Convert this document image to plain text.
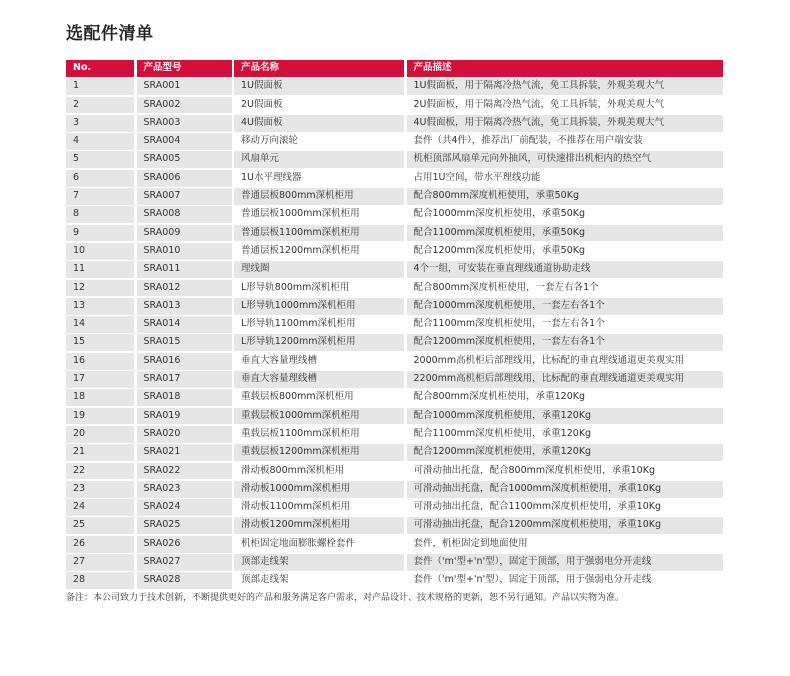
选配件清单
No.	产品型号	产品名称	产品描述
1	SRA001	1U假面板	1U假面板，用于隔离冷热气流，免工具拆装，外观美观大气
2	SRA002	2U假面板	2U假面板，用于隔离冷热气流，免工具拆装，外观美观大气
3	SRA003	4U假面板	4U假面板，用于隔离冷热气流，免工具拆装，外观美观大气
4	SRA004	移动万向滚轮	套件（共4件），推荐出厂前配装，不推荐在用户端安装
5	SRA005	风扇单元	机柜顶部风扇单元向外抽风，可快速排出机柜内的热空气
6	SRA006	1U水平理线器	占用1U空间，带水平理线功能
7	SRA007	普通层板800mm深机柜用	配合800mm深度机柜使用，承重50Kg
8	SRA008	普通层板1000mm深机柜用	配合1000mm深度机柜使用，承重50Kg
9	SRA009	普通层板1100mm深机柜用	配合1100mm深度机柜使用，承重50Kg
10	SRA010	普通层板1200mm深机柜用	配合1200mm深度机柜使用，承重50Kg
11	SRA011	理线圈	4个一组，可安装在垂直理线通道协助走线
12	SRA012	L形导轨800mm深机柜用	配合800mm深度机柜使用，一套左右各1个
13	SRA013	L形导轨1000mm深机柜用	配合1000mm深度机柜使用，一套左右各1个
14	SRA014	L形导轨1100mm深机柜用	配合1100mm深度机柜使用，一套左右各1个
15	SRA015	L形导轨1200mm深机柜用	配合1200mm深度机柜使用，一套左右各1个
16	SRA016	垂直大容量理线槽	2000mm高机柜后部理线用，比标配的垂直理线通道更美观实用
17	SRA017	垂直大容量理线槽	2200mm高机柜后部理线用，比标配的垂直理线通道更美观实用
18	SRA018	重载层板800mm深机柜用	配合800mm深度机柜使用，承重120Kg
19	SRA019	重载层板1000mm深机柜用	配合1000mm深度机柜使用，承重120Kg
20	SRA020	重载层板1100mm深机柜用	配合1100mm深度机柜使用，承重120Kg
21	SRA021	重载层板1200mm深机柜用	配合1200mm深度机柜使用，承重120Kg
22	SRA022	滑动板800mm深机柜用	可滑动抽出托盘，配合800mm深度机柜使用，承重10Kg
23	SRA023	滑动板1000mm深机柜用	可滑动抽出托盘，配合1000mm深度机柜使用，承重10Kg
24	SRA024	滑动板1100mm深机柜用	可滑动抽出托盘，配合1100mm深度机柜使用，承重10Kg
25	SRA025	滑动板1200mm深机柜用	可滑动抽出托盘，配合1200mm深度机柜使用，承重10Kg
26	SRA026	机柜固定地面膨胀螺栓套件	套件，机柜固定到地面使用
27	SRA027	顶部走线架	套件（'m'型+'n'型），固定于顶部，用于强弱电分开走线
28	SRA028	顶部走线架	套件（'m'型+'n'型），固定于顶部，用于强弱电分开走线

备注：本公司致力于技术创新，不断提供更好的产品和服务满足客户需求，对产品设计、技术规格的更新，恕不另行通知。产品以实物为准。
